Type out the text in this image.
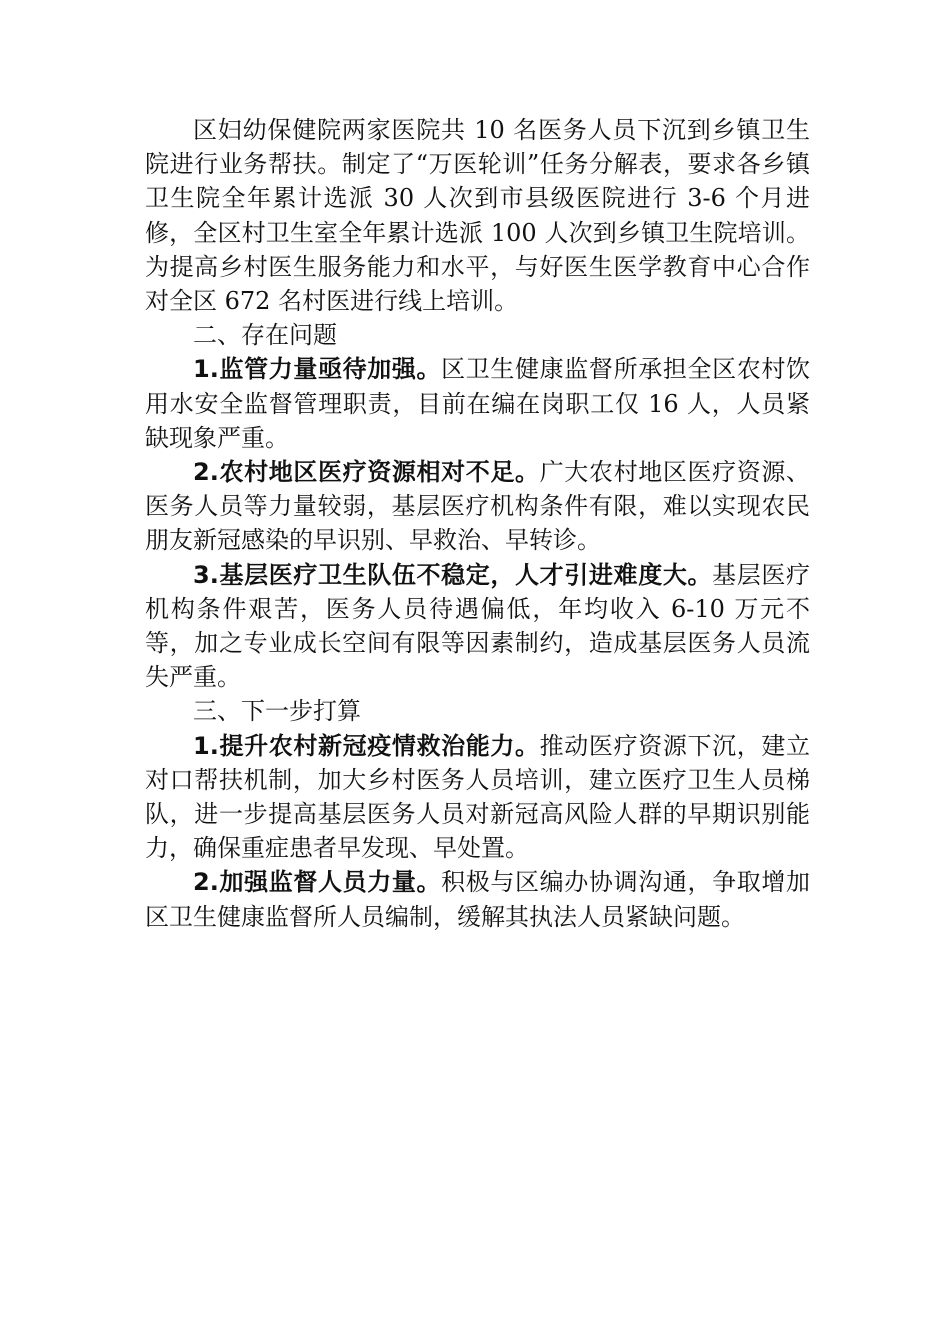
区妇幼保健院两家医院共 10 名医务人员下沉到乡镇卫生院进行业务帮扶。制定了“万医轮训”任务分解表，要求各乡镇卫生院全年累计选派 30 人次到市县级医院进行 3-6 个月进修，全区村卫生室全年累计选派 100 人次到乡镇卫生院培训。为提高乡村医生服务能力和水平，与好医生医学教育中心合作对全区 672 名村医进行线上培训。

二、存在问题

1.监管力量亟待加强。区卫生健康监督所承担全区农村饮用水安全监督管理职责，目前在编在岗职工仅 16 人，人员紧缺现象严重。

2.农村地区医疗资源相对不足。广大农村地区医疗资源、医务人员等力量较弱，基层医疗机构条件有限，难以实现农民朋友新冠感染的早识别、早救治、早转诊。

3.基层医疗卫生队伍不稳定，人才引进难度大。基层医疗机构条件艰苦，医务人员待遇偏低，年均收入 6-10 万元不等，加之专业成长空间有限等因素制约，造成基层医务人员流失严重。

三、下一步打算

1.提升农村新冠疫情救治能力。推动医疗资源下沉，建立对口帮扶机制，加大乡村医务人员培训，建立医疗卫生人员梯队，进一步提高基层医务人员对新冠高风险人群的早期识别能力，确保重症患者早发现、早处置。

2.加强监督人员力量。积极与区编办协调沟通，争取增加区卫生健康监督所人员编制，缓解其执法人员紧缺问题。
